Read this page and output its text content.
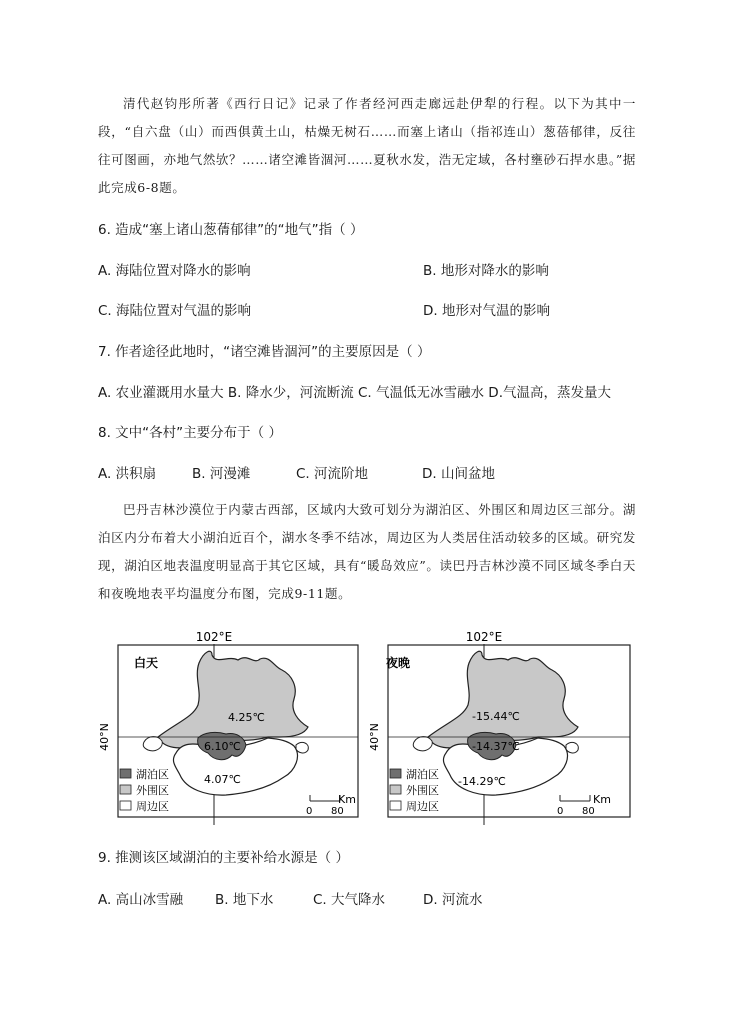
清代赵钧彤所著《西行日记》记录了作者经河西走廊远赴伊犁的行程。以下为其中一段，“自六盘（山）而西俱黄土山，枯燥无树石……而塞上诸山（指祁连山）葱蓓郁律，反往往可图画，亦地气然欤？……诸空滩皆涸河……夏秋水发，浩无定域，各村壅砂石捍水患。”据此完成6-8题。
6. 造成“塞上诸山葱蒨郁律”的“地气”指（ ）
A. 海陆位置对降水的影响	B. 地形对降水的影响
C. 海陆位置对气温的影响	D. 地形对气温的影响
7. 作者途径此地时，“诸空滩皆涸河”的主要原因是（ ）
A. 农业灌溉用水量大 B. 降水少，河流断流 C. 气温低无冰雪融水 D.气温高，蒸发量大
8. 文中“各村”主要分布于（ ）
A. 洪积扇	B. 河漫滩	C. 河流阶地	D. 山间盆地
巴丹吉林沙漠位于内蒙古西部，区域内大致可划分为湖泊区、外围区和周边区三部分。湖泊区内分布着大小湖泊近百个，湖水冬季不结冰，周边区为人类居住活动较多的区域。研究发现，湖泊区地表温度明显高于其它区域，具有“暖岛效应”。读巴丹吉林沙漠不同区域冬季白天和夜晚地表平均温度分布图，完成9-11题。
102°E
40°N
白天
4.25℃
6.10℃
4.07℃
湖泊区
外围区
周边区
102°E
40°N
夜晚
-15.44℃
-14.37℃
-14.29℃
湖泊区
外围区
周边区
Km
0 80
Km
0 80
9. 推测该区域湖泊的主要补给水源是（ ）
A. 高山冰雪融 B. 地下水	C. 大气降水	D. 河流水
